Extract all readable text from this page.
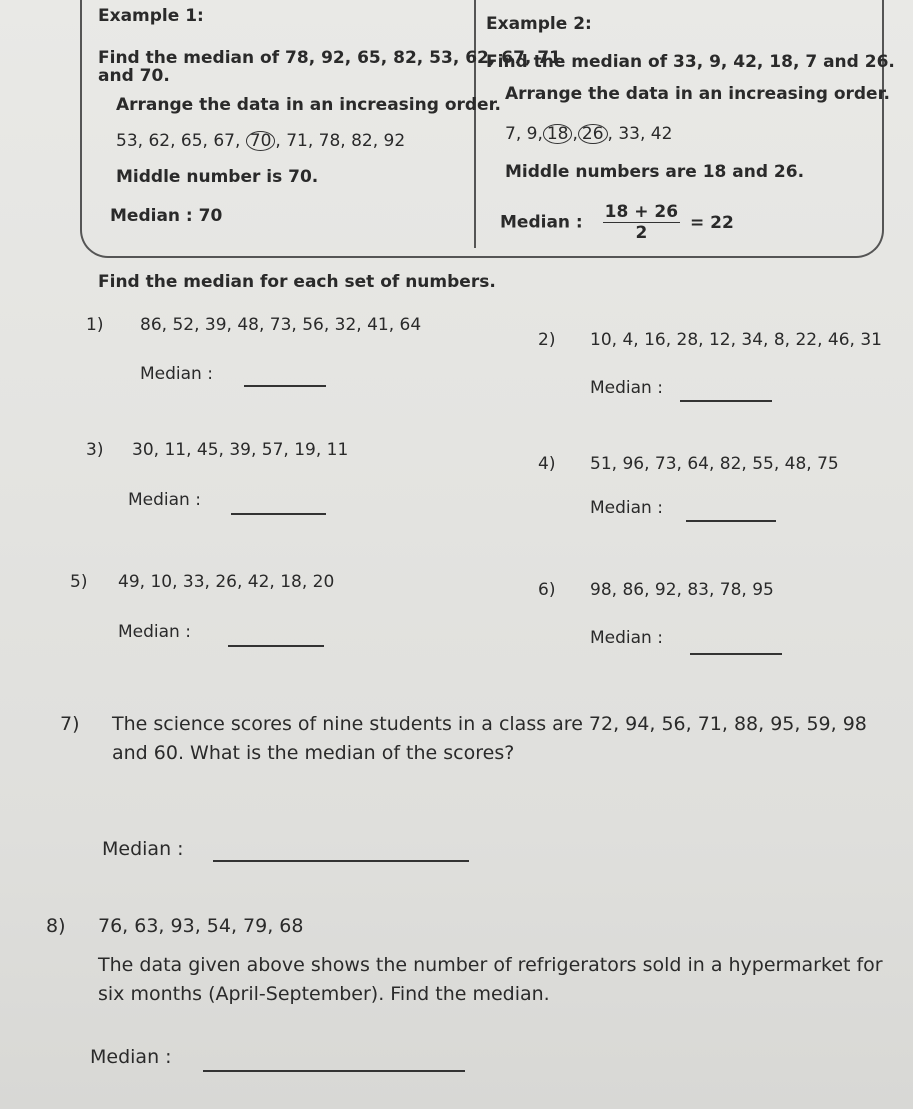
Example 1:
Find the median of 78, 92, 65, 82, 53, 62, 67, 71
and 70.
Arrange the data in an increasing order.
53, 62, 65, 67, 70 , 71, 78, 82, 92
Middle number is 70.
Median : 70
Example 2:
Find the median of 33, 9, 42, 18, 7 and 26.
Arrange the data in an increasing order.
7, 9, 18 , 26 , 33, 42
Middle numbers are 18 and 26.
Median : $\frac{18 + 26}{2} = 22$
Find the median for each set of numbers.
1) 86, 52, 39, 48, 73, 56, 32, 41, 64
Median :
2) 10, 4, 16, 28, 12, 34, 8, 22, 46, 31
Median :
3) 30, 11, 45, 39, 57, 19, 11
Median :
4) 51, 96, 73, 64, 82, 55, 48, 75
Median :
5) 49, 10, 33, 26, 42, 18, 20
Median :
6) 98, 86, 92, 83, 78, 95
Median :
7) The science scores of nine students in a class are 72, 94, 56, 71, 88, 95, 59, 98
and 60. What is the median of the scores?
Median :
8) 76, 63, 93, 54, 79, 68
The data given above shows the number of refrigerators sold in a hypermarket for
six months (April-September). Find the median.
Median :
